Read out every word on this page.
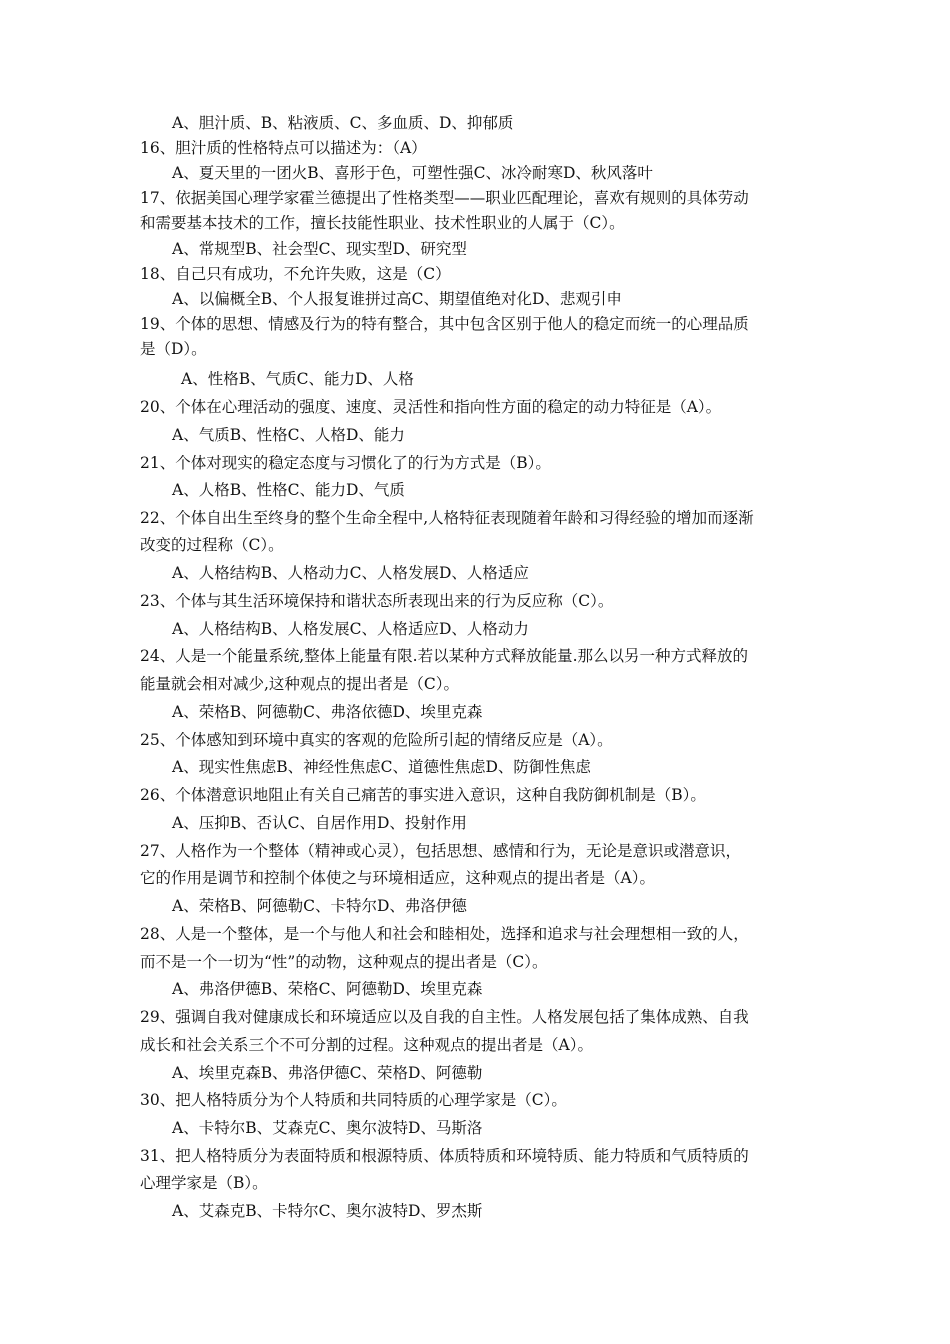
A、胆汁质、B、粘液质、C、多血质、D、抑郁质
16、胆汁质的性格特点可以描述为：（A）
A、夏天里的一团火B、喜形于色，可塑性强C、冰冷耐寒D、秋风落叶
17、依据美国心理学家霍兰德提出了性格类型——职业匹配理论，喜欢有规则的具体劳动
和需要基本技术的工作，擅长技能性职业、技术性职业的人属于（C）。
A、常规型B、社会型C、现实型D、研究型
18、自己只有成功，不允许失败，这是（C）
A、以偏概全B、个人报复谁拼过高C、期望值绝对化D、悲观引申
19、个体的思想、情感及行为的特有整合，其中包含区别于他人的稳定而统一的心理品质
是（D）。
A、性格B、气质C、能力D、人格
20、个体在心理活动的强度、速度、灵活性和指向性方面的稳定的动力特征是（A）。
A、气质B、性格C、人格D、能力
21、个体对现实的稳定态度与习惯化了的行为方式是（B）。
A、人格B、性格C、能力D、气质
22、个体自出生至终身的整个生命全程中,人格特征表现随着年龄和习得经验的增加而逐渐
改变的过程称（C）。
A、人格结构B、人格动力C、人格发展D、人格适应
23、个体与其生活环境保持和谐状态所表现出来的行为反应称（C）。
A、人格结构B、人格发展C、人格适应D、人格动力
24、人是一个能量系统,整体上能量有限.若以某种方式释放能量.那么以另一种方式释放的
能量就会相对减少,这种观点的提出者是（C）。
A、荣格B、阿德勒C、弗洛依德D、埃里克森
25、个体感知到环境中真实的客观的危险所引起的情绪反应是（A）。
A、现实性焦虑B、神经性焦虑C、道德性焦虑D、防御性焦虑
26、个体潜意识地阻止有关自己痛苦的事实进入意识，这种自我防御机制是（B）。
A、压抑B、否认C、自居作用D、投射作用
27、人格作为一个整体（精神或心灵），包括思想、感情和行为，无论是意识或潜意识，
它的作用是调节和控制个体使之与环境相适应，这种观点的提出者是（A）。
A、荣格B、阿德勒C、卡特尔D、弗洛伊德
28、人是一个整体，是一个与他人和社会和睦相处，选择和追求与社会理想相一致的人，
而不是一个一切为“性”的动物，这种观点的提出者是（C）。
A、弗洛伊德B、荣格C、阿德勒D、埃里克森
29、强调自我对健康成长和环境适应以及自我的自主性。人格发展包括了集体成熟、自我
成长和社会关系三个不可分割的过程。这种观点的提出者是（A）。
A、埃里克森B、弗洛伊德C、荣格D、阿德勒
30、把人格特质分为个人特质和共同特质的心理学家是（C）。
A、卡特尔B、艾森克C、奥尔波特D、马斯洛
31、把人格特质分为表面特质和根源特质、体质特质和环境特质、能力特质和气质特质的
心理学家是（B）。
A、艾森克B、卡特尔C、奥尔波特D、罗杰斯
